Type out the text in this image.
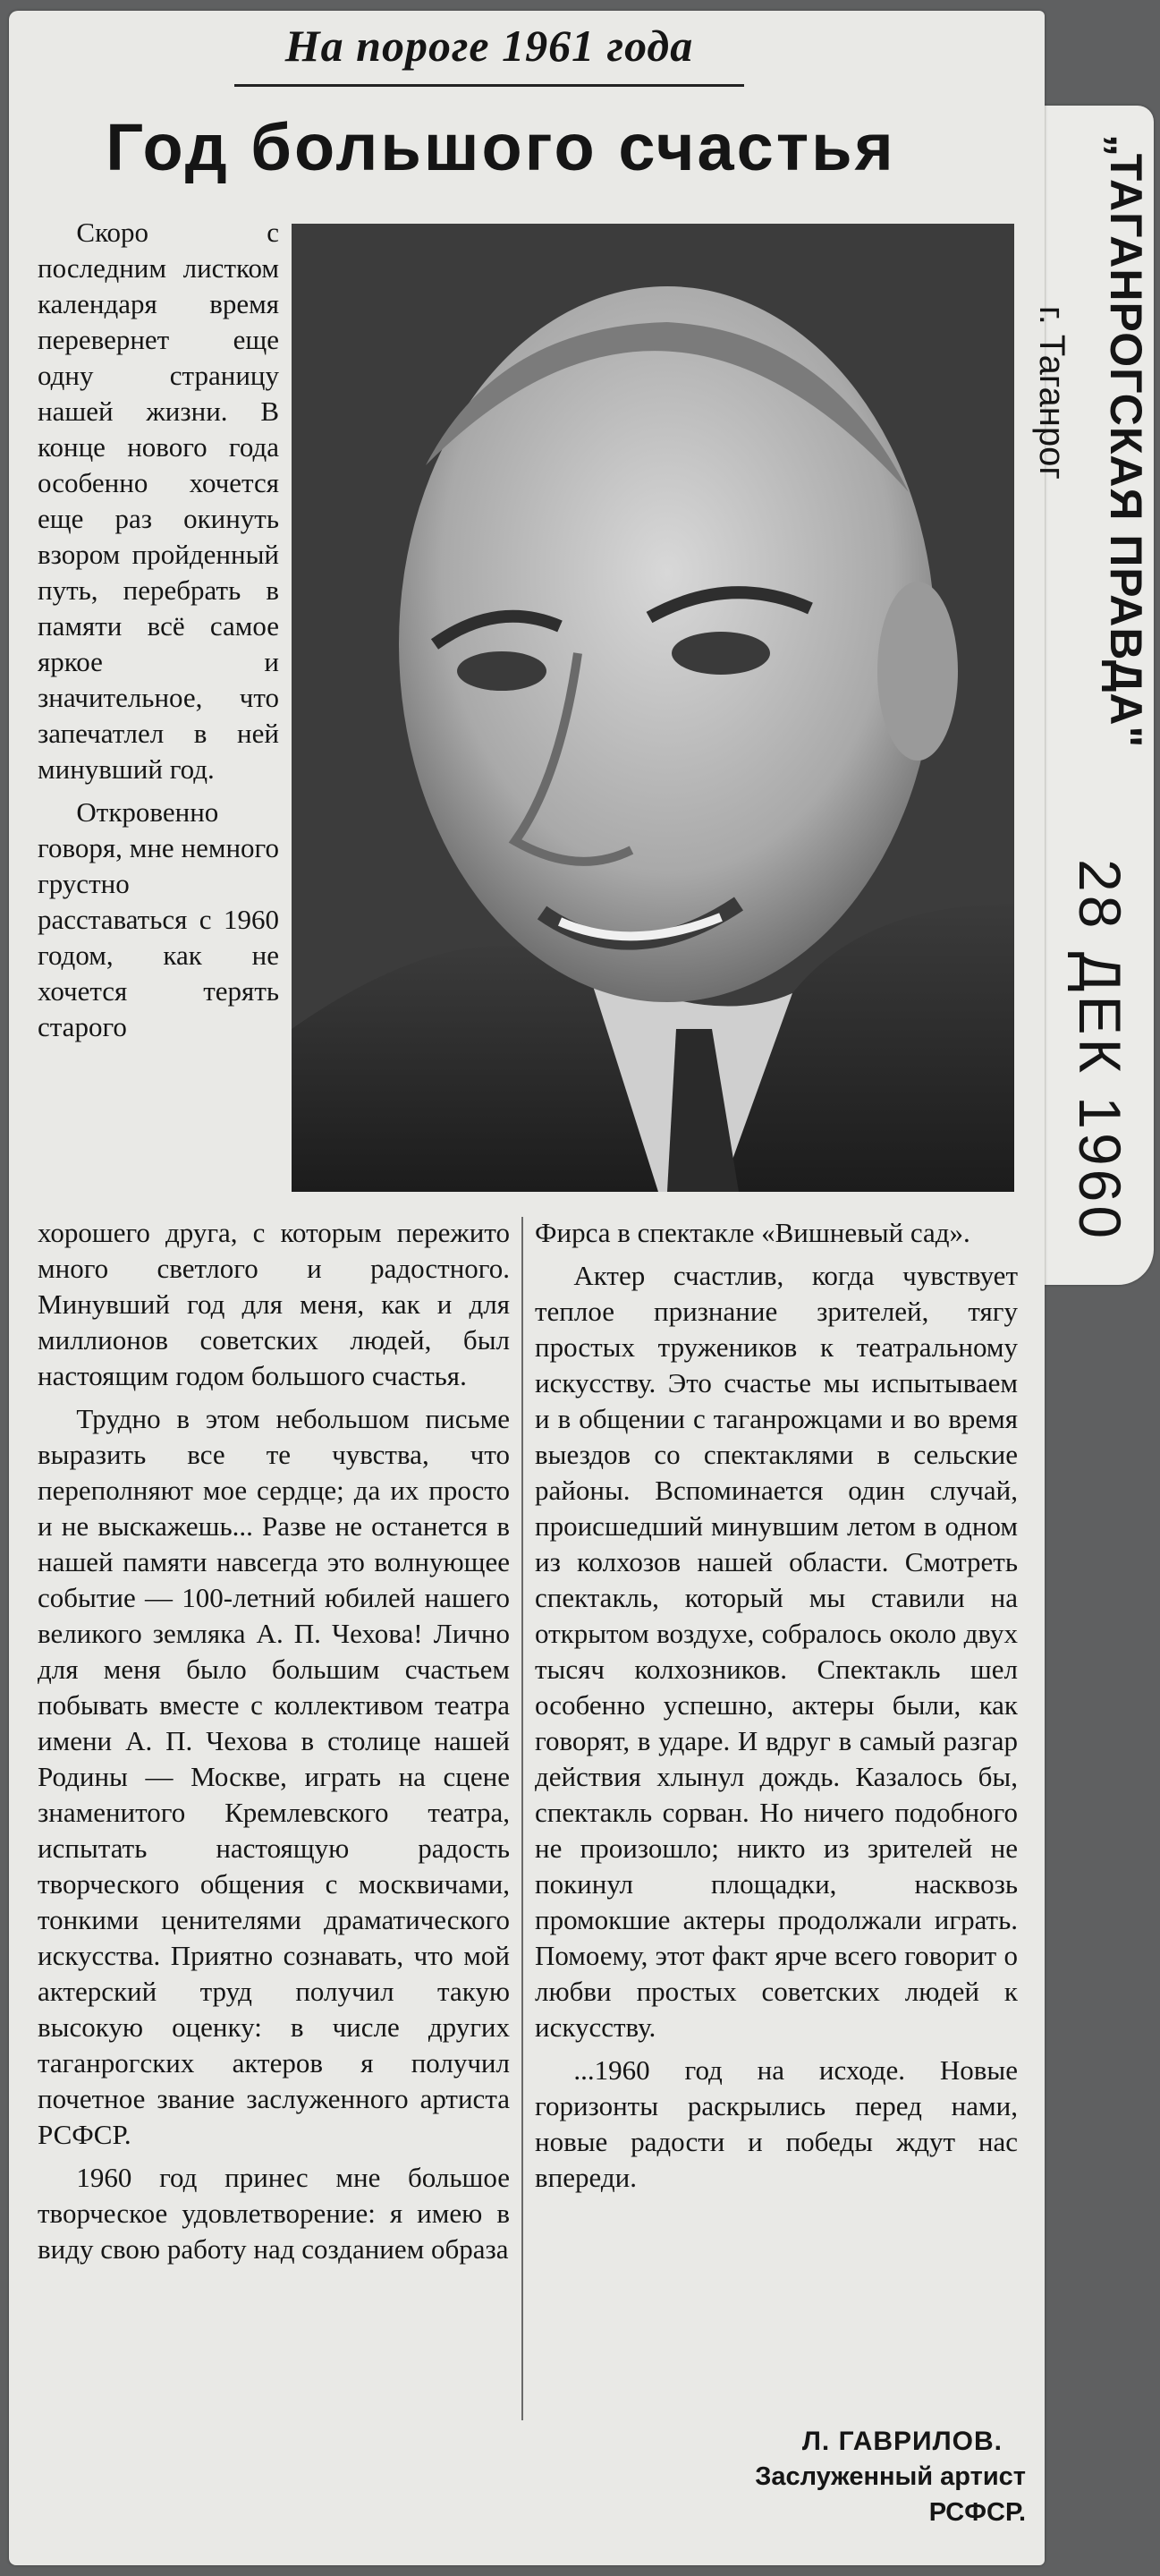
На пороге 1961 года
Год большого счастья

Скоро с последним листком календаря время перевернет еще одну страницу нашей жизни. В конце нового года особенно хочется еще раз окинуть взором пройденный путь, перебрать в памяти всё самое яркое и значительное, что запечатлел в ней минувший год.

Откровенно говоря, мне немного грустно расставаться с 1960 годом, как не хочется терять старого

хорошего друга, с которым пережито много светлого и радостного. Минувший год для меня, как и для миллионов советских людей, был настоящим годом большого счастья.

Трудно в этом небольшом письме выразить все те чувства, что переполняют мое сердце; да их просто и не выскажешь... Разве не останется в нашей памяти навсегда это волнующее событие — 100-летний юбилей нашего великого земляка А. П. Чехова! Лично для меня было большим счастьем побывать вместе с коллективом театра имени А. П. Чехова в столице нашей Родины — Москве, играть на сцене знаменитого Кремлевского театра, испытать настоящую радость творческого общения с москвичами, тонкими ценителями драматического искусства. Приятно сознавать, что мой актерский труд получил такую высокую оценку: в числе других таганрогских актеров я получил почетное звание заслуженного артиста РСФСР.

1960 год принес мне большое творческое удовлетворение: я имею в виду свою работу над созданием образа

Фирса в спектакле «Вишневый сад».

Актер счастлив, когда чувствует теплое признание зрителей, тягу простых тружеников к театральному искусству. Это счастье мы испытываем и в общении с таганрожцами и во время выездов со спектаклями в сельские районы. Вспоминается один случай, происшедший минувшим летом в одном из колхозов нашей области. Смотреть спектакль, который мы ставили на открытом воздухе, собралось около двух тысяч колхозников. Спектакль шел особенно успешно, актеры были, как говорят, в ударе. И вдруг в самый разгар действия хлынул дождь. Казалось бы, спектакль сорван. Но ничего подобного не произошло; никто из зрителей не покинул площадки, насквозь промокшие актеры продолжали играть. Помоему, этот факт ярче всего говорит о любви простых советских людей к искусству.

...1960 год на исходе. Новые горизонты раскрылись перед нами, новые радости и победы ждут нас впереди.

Л. ГАВРИЛОВ.
Заслуженный артист
РСФСР.
„ТАГАНРОГСКАЯ ПРАВДА"
г. Таганрог
28 ДЕК 1960
